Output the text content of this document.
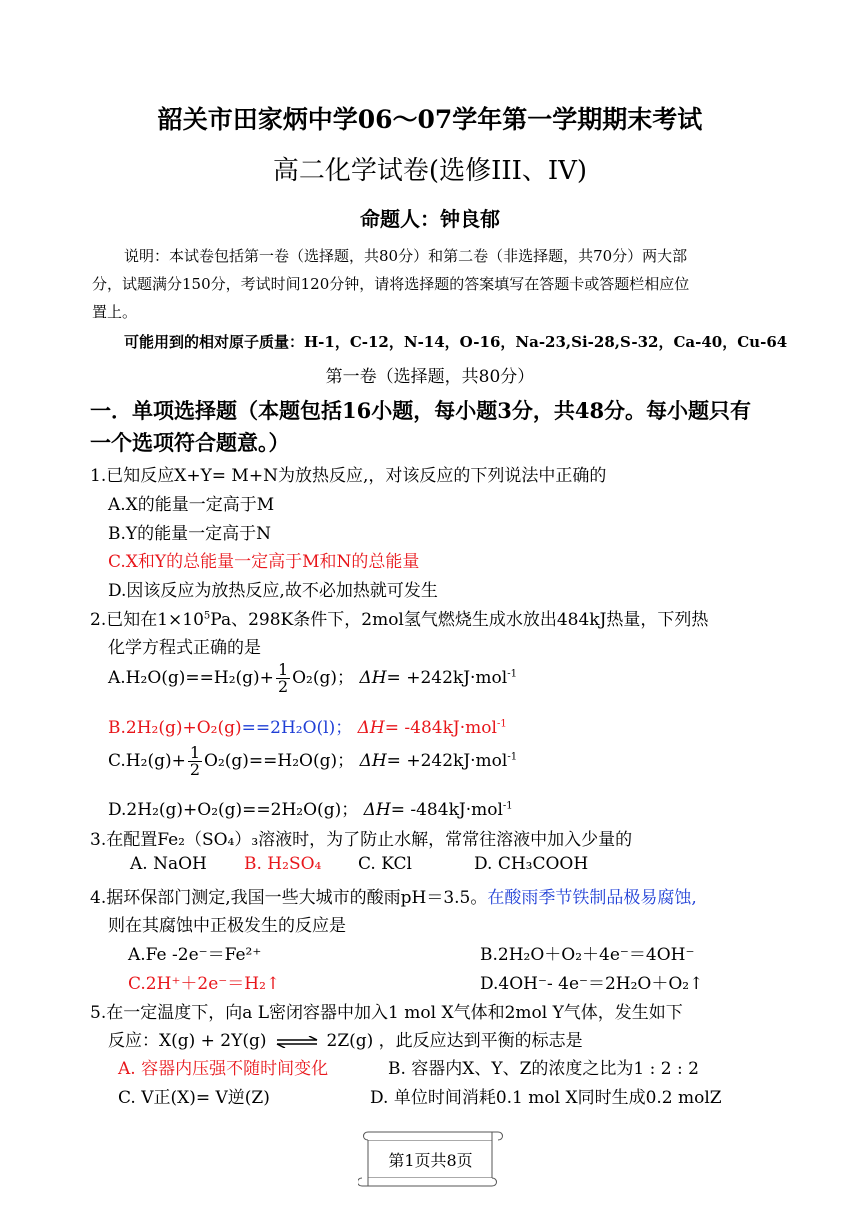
韶关市田家炳中学06～07学年第一学期期末考试
高二化学试卷(选修III、IV)
命题人：钟良郁
说明：本试卷包括第一卷（选择题，共80分）和第二卷（非选择题，共70分）两大部
分，试题满分150分，考试时间120分钟，请将选择题的答案填写在答题卡或答题栏相应位
置上。
可能用到的相对原子质量：H-1，C-12，N-14，O-16，Na-23,Si-28,S-32，Ca-40，Cu-64
第一卷（选择题，共80分）
一．单项选择题（本题包括16小题，每小题3分，共48分。每小题只有
一个选项符合题意。）
1.已知反应X+Y= M+N为放热反应,，对该反应的下列说法中正确的
A.X的能量一定高于M
B.Y的能量一定高于N
C.X和Y的总能量一定高于M和N的总能量
D.因该反应为放热反应,故不必加热就可发生
2.已知在$1\times 10^5Pa$、298K条件下，2mol氢气燃烧生成水放出484kJ热量，下列热
化学方程式正确的是
$A.H_2O(g)==H_2(g)+ \frac{1}{2} O_2(g)$； ΔH= +242kJ·mol$^{-1}$
B.2H₂(g)+O₂(g)==2H₂O(l)； ΔH= -484kJ·mol$^{-1}$
$C.H_2(g)+ \frac{1}{2} O_2(g)==H_2O(g)$； ΔH= +242kJ·mol$^{-1}$
D.2H₂(g)+O₂(g)==2H₂O(g)； ΔH= -484kJ·mol$^{-1}$
3.在配置Fe₂（SO₄）₃溶液时，为了防止水解，常常往溶液中加入少量的
A. NaOH B. H₂SO₄ C. KCl	D. CH₃COOH
4.据环保部门测定,我国一些大城市的酸雨pH＝3.5。在酸雨季节铁制品极易腐蚀,
则在其腐蚀中正极发生的反应是
A.Fe -2e⁻＝Fe²⁺	B.2H₂O＋O₂＋4e⁻＝4OH⁻
C.2H⁺＋2e⁻＝H₂↑	D.4OH⁻- 4e⁻＝2H₂O＋O₂↑
5.在一定温度下，向a L密闭容器中加入1 mol X气体和2mol Y气体，发生如下
反应：X(g) + 2Y(g) ⇌ 2Z(g) ，此反应达到平衡的标志是
A. 容器内压强不随时间变化	B. 容器内X、Y、Z的浓度之比为1 : 2 : 2
C. V正(X)= V逆(Z)	D. 单位时间消耗0.1 mol X同时生成0.2 molZ
第1页共8页
